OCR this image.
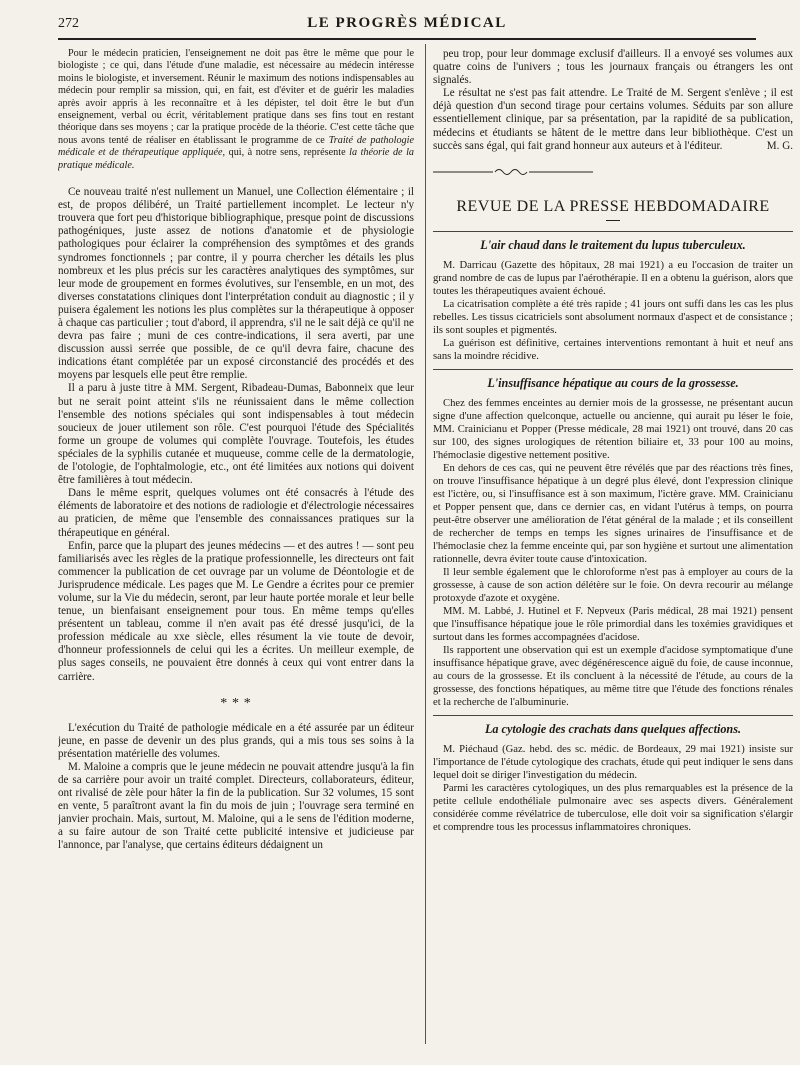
272	LE PROGRÈS MÉDICAL

Pour le médecin praticien, l'enseignement ne doit pas être le même que pour le biologiste ; ce qui, dans l'étude d'une maladie, est nécessaire au médecin intéresse moins le biologiste, et inversement. Réunir le maximum des notions indispensables au médecin pour remplir sa mission, qui, en fait, est d'éviter et de guérir les maladies après avoir appris à les reconnaître et à les dépister, tel doit être le but d'un enseignement, verbal ou écrit, véritablement pratique dans ses fins tout en restant théorique dans ses moyens ; car la pratique procède de la théorie. C'est cette tâche que nous avons tenté de réaliser en établissant le programme de ce Traité de pathologie médicale et de thérapeutique appliquée, qui, à notre sens, représente la théorie de la pratique médicale.

Ce nouveau traité n'est nullement un Manuel, une Collection élémentaire ; il est, de propos délibéré, un Traité partiellement incomplet. Le lecteur n'y trouvera que fort peu d'historique bibliographique, presque point de discussions pathogéniques, juste assez de notions d'anatomie et de physiologie pathologiques pour éclairer la compréhension des symptômes et des grands syndromes fonctionnels ; par contre, il y pourra chercher les détails les plus nombreux et les plus précis sur les caractères analytiques des symptômes, sur leur mode de groupement en formes évolutives, sur l'ensemble, en un mot, des diverses constatations cliniques dont l'interprétation conduit au diagnostic ; il y puisera également les notions les plus complètes sur la thérapeutique à opposer à chaque cas particulier ; tout d'abord, il apprendra, s'il ne le sait déjà ce qu'il ne devra pas faire ; muni de ces contre-indications, il sera averti, par une discussion aussi serrée que possible, de ce qu'il devra faire, chacune des indications étant complétée par un exposé circonstancié des procédés et des moyens par lesquels elle peut être remplie.

Il a paru à juste titre à MM. Sergent, Ribadeau-Dumas, Babonneix que leur but ne serait point atteint s'ils ne réunissaient dans le même collection l'ensemble des notions spéciales qui sont indispensables à tout médecin soucieux de jouer utilement son rôle. C'est pourquoi l'étude des Spécialités forme un groupe de volumes qui complète l'ouvrage. Toutefois, les études spéciales de la syphilis cutanée et muqueuse, comme celle de la dermatologie, de l'otologie, de l'ophtalmologie, etc., ont été limitées aux notions qui doivent être familières à tout médecin.

Dans le même esprit, quelques volumes ont été consacrés à l'étude des éléments de laboratoire et des notions de radiologie et d'électrologie nécessaires au praticien, de même que l'ensemble des connaissances pratiques sur la thérapeutique en général.

Enfin, parce que la plupart des jeunes médecins — et des autres ! — sont peu familiarisés avec les règles de la pratique professionnelle, les directeurs ont fait commencer la publication de cet ouvrage par un volume de Déontologie et de Jurisprudence médicale. Les pages que M. Le Gendre a écrites pour ce premier volume, sur la Vie du médecin, seront, par leur haute portée morale et leur belle tenue, un bienfaisant enseignement pour tous. En même temps qu'elles présentent un tableau, comme il n'en avait pas été dressé jusqu'ici, de la profession médicale au xxe siècle, elles résument la vie toute de devoir, d'honneur professionnels de celui qui les a écrites. Un meilleur exemple, de plus sages conseils, ne pouvaient être donnés à ceux qui vont entrer dans la carrière.

* * *

L'exécution du Traité de pathologie médicale en a été assurée par un éditeur jeune, en passe de devenir un des plus grands, qui a mis tous ses soins à la présentation matérielle des volumes.

M. Maloine a compris que le jeune médecin ne pouvait attendre jusqu'à la fin de sa carrière pour avoir un traité complet. Directeurs, collaborateurs, éditeur, ont rivalisé de zèle pour hâter la fin de la publication. Sur 32 volumes, 15 sont en vente, 5 paraîtront avant la fin du mois de juin ; l'ouvrage sera terminé en janvier prochain. Mais, surtout, M. Maloine, qui a le sens de l'édition moderne, a su faire autour de son Traité cette publicité intensive et judicieuse par l'annonce, par l'analyse, que certains éditeurs dédaignent un

peu trop, pour leur dommage exclusif d'ailleurs. Il a envoyé ses volumes aux quatre coins de l'univers ; tous les journaux français ou étrangers les ont signalés.

Le résultat ne s'est pas fait attendre. Le Traité de M. Sergent s'enlève ; il est déjà question d'un second tirage pour certains volumes. Séduits par son allure essentiellement clinique, par sa présentation, par la rapidité de sa publication, médecins et étudiants se hâtent de le mettre dans leur bibliothèque. C'est un succès sans égal, qui fait grand honneur aux auteurs et à l'éditeur.	M. G.
REVUE DE LA PRESSE HEBDOMADAIRE
L'air chaud dans le traitement du lupus tuberculeux.

M. Darricau (Gazette des hôpitaux, 28 mai 1921) a eu l'occasion de traiter un grand nombre de cas de lupus par l'aérothérapie. Il en a obtenu la guérison, alors que toutes les thérapeutiques avaient échoué.

La cicatrisation complète a été très rapide ; 41 jours ont suffi dans les cas les plus rebelles. Les tissus cicatriciels sont absolument normaux d'aspect et de consistance ; ils sont souples et pigmentés.

La guérison est définitive, certaines interventions remontant à huit et neuf ans sans la moindre récidive.

L'insuffisance hépatique au cours de la grossesse.

Chez des femmes enceintes au dernier mois de la grossesse, ne présentant aucun signe d'une affection quelconque, actuelle ou ancienne, qui aurait pu léser le foie, MM. Crainicianu et Popper (Presse médicale, 28 mai 1921) ont trouvé, dans 20 cas sur 100, des signes urologiques de rétention biliaire et, 33 pour 100 au moins, l'hémoclasie digestive nettement positive.

En dehors de ces cas, qui ne peuvent être révélés que par des réactions très fines, on trouve l'insuffisance hépatique à un degré plus élevé, dont l'expression clinique est l'ictère, ou, si l'insuffisance est à son maximum, l'ictère grave. MM. Crainicianu et Popper pensent que, dans ce dernier cas, en vidant l'utérus à temps, on pourra peut-être observer une amélioration de l'état général de la malade ; et ils conseillent de rechercher de temps en temps les signes urinaires de l'insuffisance et de l'hémoclasie chez la femme enceinte qui, par son hygiène et surtout une alimentation rationnelle, devra éviter toute cause d'intoxication.

Il leur semble également que le chloroforme n'est pas à employer au cours de la grossesse, à cause de son action délétère sur le foie. On devra recourir au mélange protoxyde d'azote et oxygène.

MM. M. Labbé, J. Hutinel et F. Nepveux (Paris médical, 28 mai 1921) pensent que l'insuffisance hépatique joue le rôle primordial dans les toxémies gravidiques et surtout dans les formes accompagnées d'acidose.

Ils rapportent une observation qui est un exemple d'acidose symptomatique d'une insuffisance hépatique grave, avec dégénérescence aiguë du foie, de cause inconnue, au cours de la grossesse. Et ils concluent à la nécessité de l'étude, au cours de la grossesse, des fonctions hépatiques, au même titre que l'étude des fonctions rénales et la recherche de l'albuminurie.

La cytologie des crachats dans quelques affections.

M. Piéchaud (Gaz. hebd. des sc. médic. de Bordeaux, 29 mai 1921) insiste sur l'importance de l'étude cytologique des crachats, étude qui peut indiquer le sens dans lequel doit se diriger l'investigation du médecin.

Parmi les caractères cytologiques, un des plus remarquables est la présence de la petite cellule endothéliale pulmonaire avec ses aspects divers. Généralement considérée comme révélatrice de tuberculose, elle doit voir sa signification s'élargir et comprendre tous les processus inflammatoires chroniques.
